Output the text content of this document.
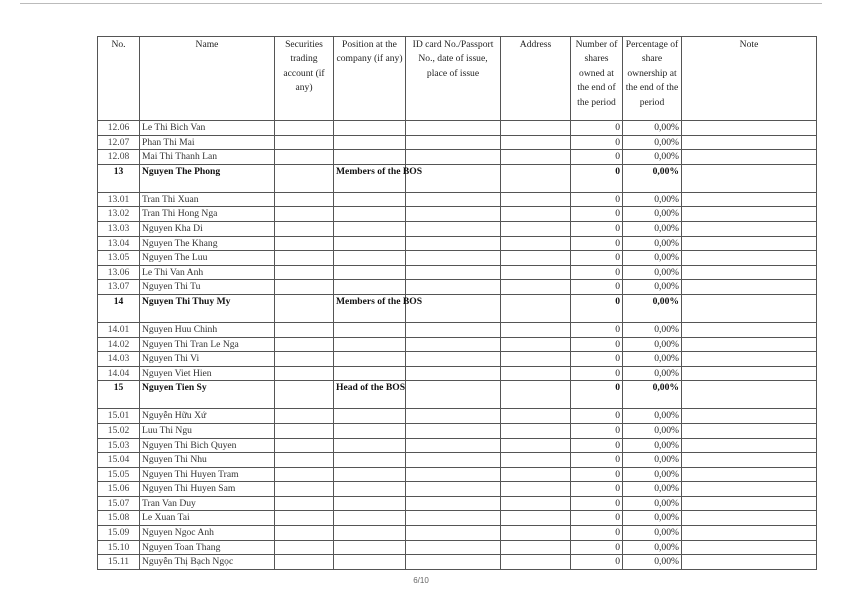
No.	Name	Securities trading account (if any)	Position at the company (if any)	ID card No./Passport No., date of issue, place of issue	Address	Number of shares owned at the end of the period	Percentage of share ownership at the end of the period	Note
12.06	Le Thi Bich Van					0	0,00%	
12.07	Phan Thi Mai					0	0,00%	
12.08	Mai Thi Thanh Lan					0	0,00%	
13	Nguyen The Phong		Members of the BOS			0	0,00%	
13.01	Tran Thi Xuan					0	0,00%	
13.02	Tran Thi Hong Nga					0	0,00%	
13.03	Nguyen Kha Di					0	0,00%	
13.04	Nguyen The Khang					0	0,00%	
13.05	Nguyen The Luu					0	0,00%	
13.06	Le Thi Van Anh					0	0,00%	
13.07	Nguyen Thi Tu					0	0,00%	
14	Nguyen Thi Thuy My		Members of the BOS			0	0,00%	
14.01	Nguyen Huu Chinh					0	0,00%	
14.02	Nguyen Thi Tran Le Nga					0	0,00%	
14.03	Nguyen Thi Vi					0	0,00%	
14.04	Nguyen Viet Hien					0	0,00%	
15	Nguyen Tien Sy		Head of the BOS			0	0,00%	
15.01	Nguyễn Hữu Xứ					0	0,00%	
15.02	Luu Thi Ngu					0	0,00%	
15.03	Nguyen Thi Bich Quyen					0	0,00%	
15.04	Nguyen Thi Nhu					0	0,00%	
15.05	Nguyen Thi Huyen Tram					0	0,00%	
15.06	Nguyen Thi Huyen Sam					0	0,00%	
15.07	Tran Van Duy					0	0,00%	
15.08	Le Xuan Tai					0	0,00%	
15.09	Nguyen Ngoc Anh					0	0,00%	
15.10	Nguyen Toan Thang					0	0,00%	
15.11	Nguyễn Thị Bạch Ngọc					0	0,00%	
6/10
